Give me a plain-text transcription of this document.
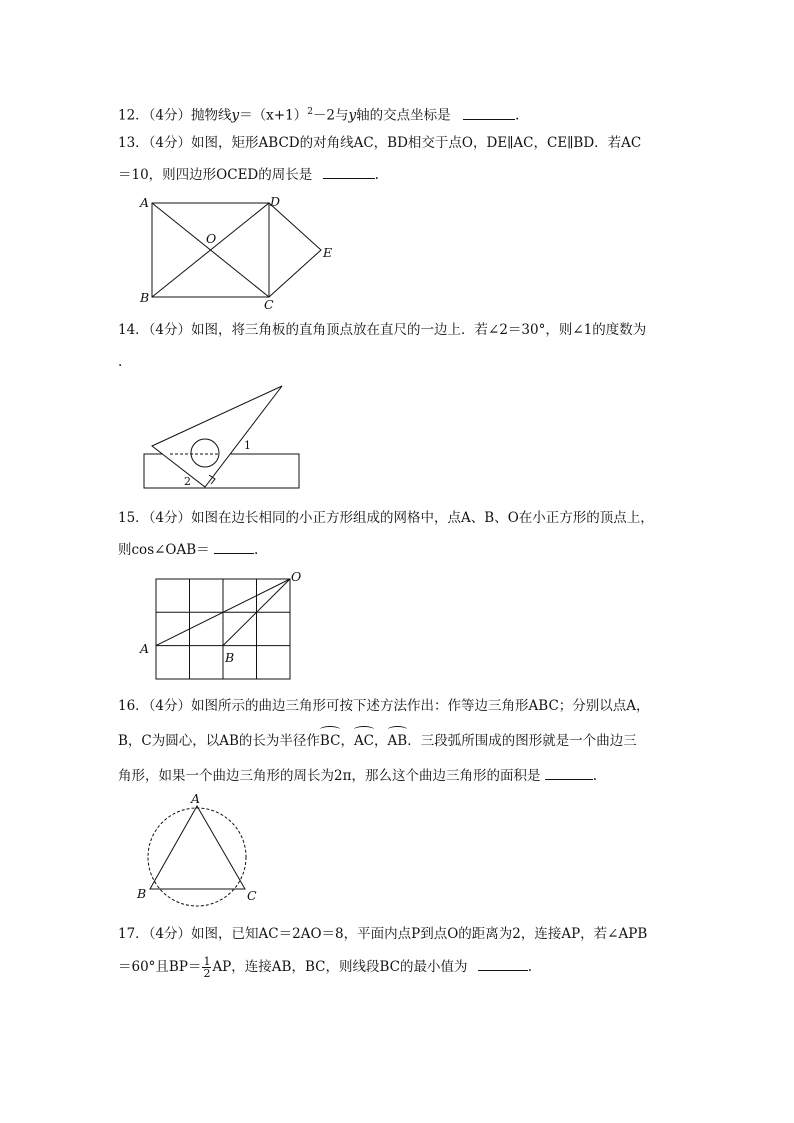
12．（4分）抛物线$y=(x+1)^2-2$与y轴的交点坐标是	.
13．（4分）如图，矩形ABCD的对角线AC，BD相交于点O，DE∥AC，CE∥BD．若AC
＝10，则四边形OCED的周长是	.
A	D
O
E
B	C
14．（4分）如图，将三角板的直角顶点放在直尺的一边上．若∠2＝30°，则∠1的度数为
.
1
2
15．（4分）如图在边长相同的小正方形组成的网格中，点A、B、O在小正方形的顶点上，
则cos∠OAB＝	.
O
A
B
16．（4分）如图所示的曲边三角形可按下述方法作出：作等边三角形ABC；分别以点A，
B，C为圆心，以AB的长为半径作BC，AC，AB．三段弧所围成的图形就是一个曲边三
角形，如果一个曲边三角形的周长为2π，那么这个曲边三角形的面积是	.
A
B	C
17．（4分）如图，已知AC＝2AO＝8，平面内点P到点O的距离为2，连接AP，若∠APB
＝60°且$BP= \frac{1}{2}$ AP，连接AB，BC，则线段BC的最小值为	.
